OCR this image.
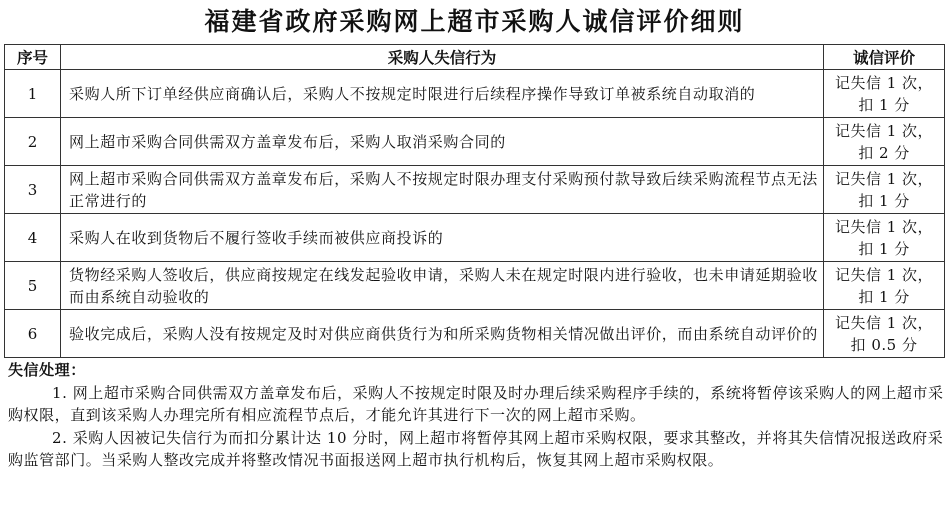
福建省政府采购网上超市采购人诚信评价细则
序号	采购人失信行为	诚信评价
1	采购人所下订单经供应商确认后，采购人不按规定时限进行后续程序操作导致订单被系统自动取消的	记失信 1 次，
扣 1 分

2	网上超市采购合同供需双方盖章发布后，采购人取消采购合同的	记失信 1 次，
扣 2 分

3	网上超市采购合同供需双方盖章发布后，采购人不按规定时限办理支付采购预付款导致后续采购流程节点无法正常进行的	记失信 1 次，
扣 1 分

4	采购人在收到货物后不履行签收手续而被供应商投诉的	记失信 1 次，
扣 1 分

5	货物经采购人签收后，供应商按规定在线发起验收申请，采购人未在规定时限内进行验收，也未申请延期验收而由系统自动验收的	记失信 1 次，
扣 1 分

6	验收完成后，采购人没有按规定及时对供应商供货行为和所采购货物相关情况做出评价，而由系统自动评价的	记失信 1 次，
扣 0.5 分
失信处理：

1. 网上超市采购合同供需双方盖章发布后，采购人不按规定时限及时办理后续采购程序手续的，系统将暂停该采购人的网上超市采购权限，直到该采购人办理完所有相应流程节点后，才能允许其进行下一次的网上超市采购。

2. 采购人因被记失信行为而扣分累计达 10 分时，网上超市将暂停其网上超市采购权限，要求其整改，并将其失信情况报送政府采购监管部门。当采购人整改完成并将整改情况书面报送网上超市执行机构后，恢复其网上超市采购权限。
